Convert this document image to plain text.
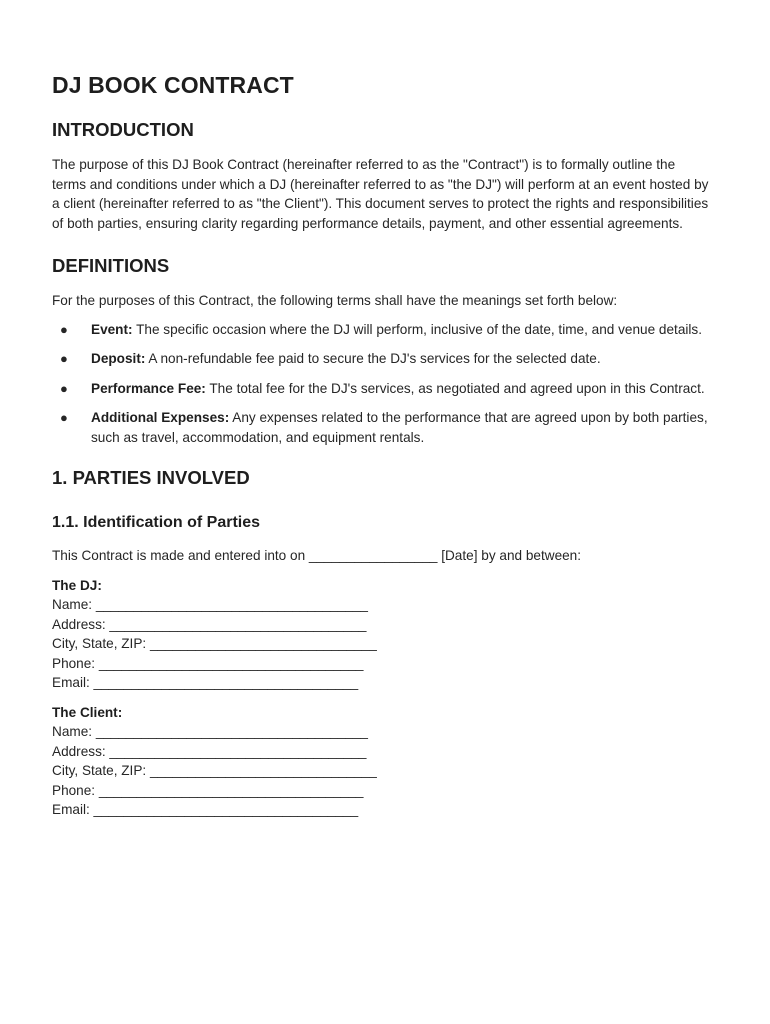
DJ BOOK CONTRACT
INTRODUCTION

The purpose of this DJ Book Contract (hereinafter referred to as the "Contract") is to formally outline the terms and conditions under which a DJ (hereinafter referred to as "the DJ") will perform at an event hosted by a client (hereinafter referred to as "the Client"). This document serves to protect the rights and responsibilities of both parties, ensuring clarity regarding performance details, payment, and other essential agreements.

DEFINITIONS

For the purposes of this Contract, the following terms shall have the meanings set forth below:

● Event: The specific occasion where the DJ will perform, inclusive of the date, time, and venue details.
● Deposit: A non-refundable fee paid to secure the DJ's services for the selected date.
● Performance Fee: The total fee for the DJ's services, as negotiated and agreed upon in this Contract.
● Additional Expenses: Any expenses related to the performance that are agreed upon by both parties, such as travel, accommodation, and equipment rentals.
1. PARTIES INVOLVED
1.1. Identification of Parties

This Contract is made and entered into on _________________ [Date] by and between:

The DJ:

Name: ____________________________________

Address: __________________________________

City, State, ZIP: ______________________________

Phone: ___________________________________

Email: ___________________________________

The Client:

Name: ____________________________________

Address: __________________________________

City, State, ZIP: ______________________________

Phone: ___________________________________

Email: ___________________________________
